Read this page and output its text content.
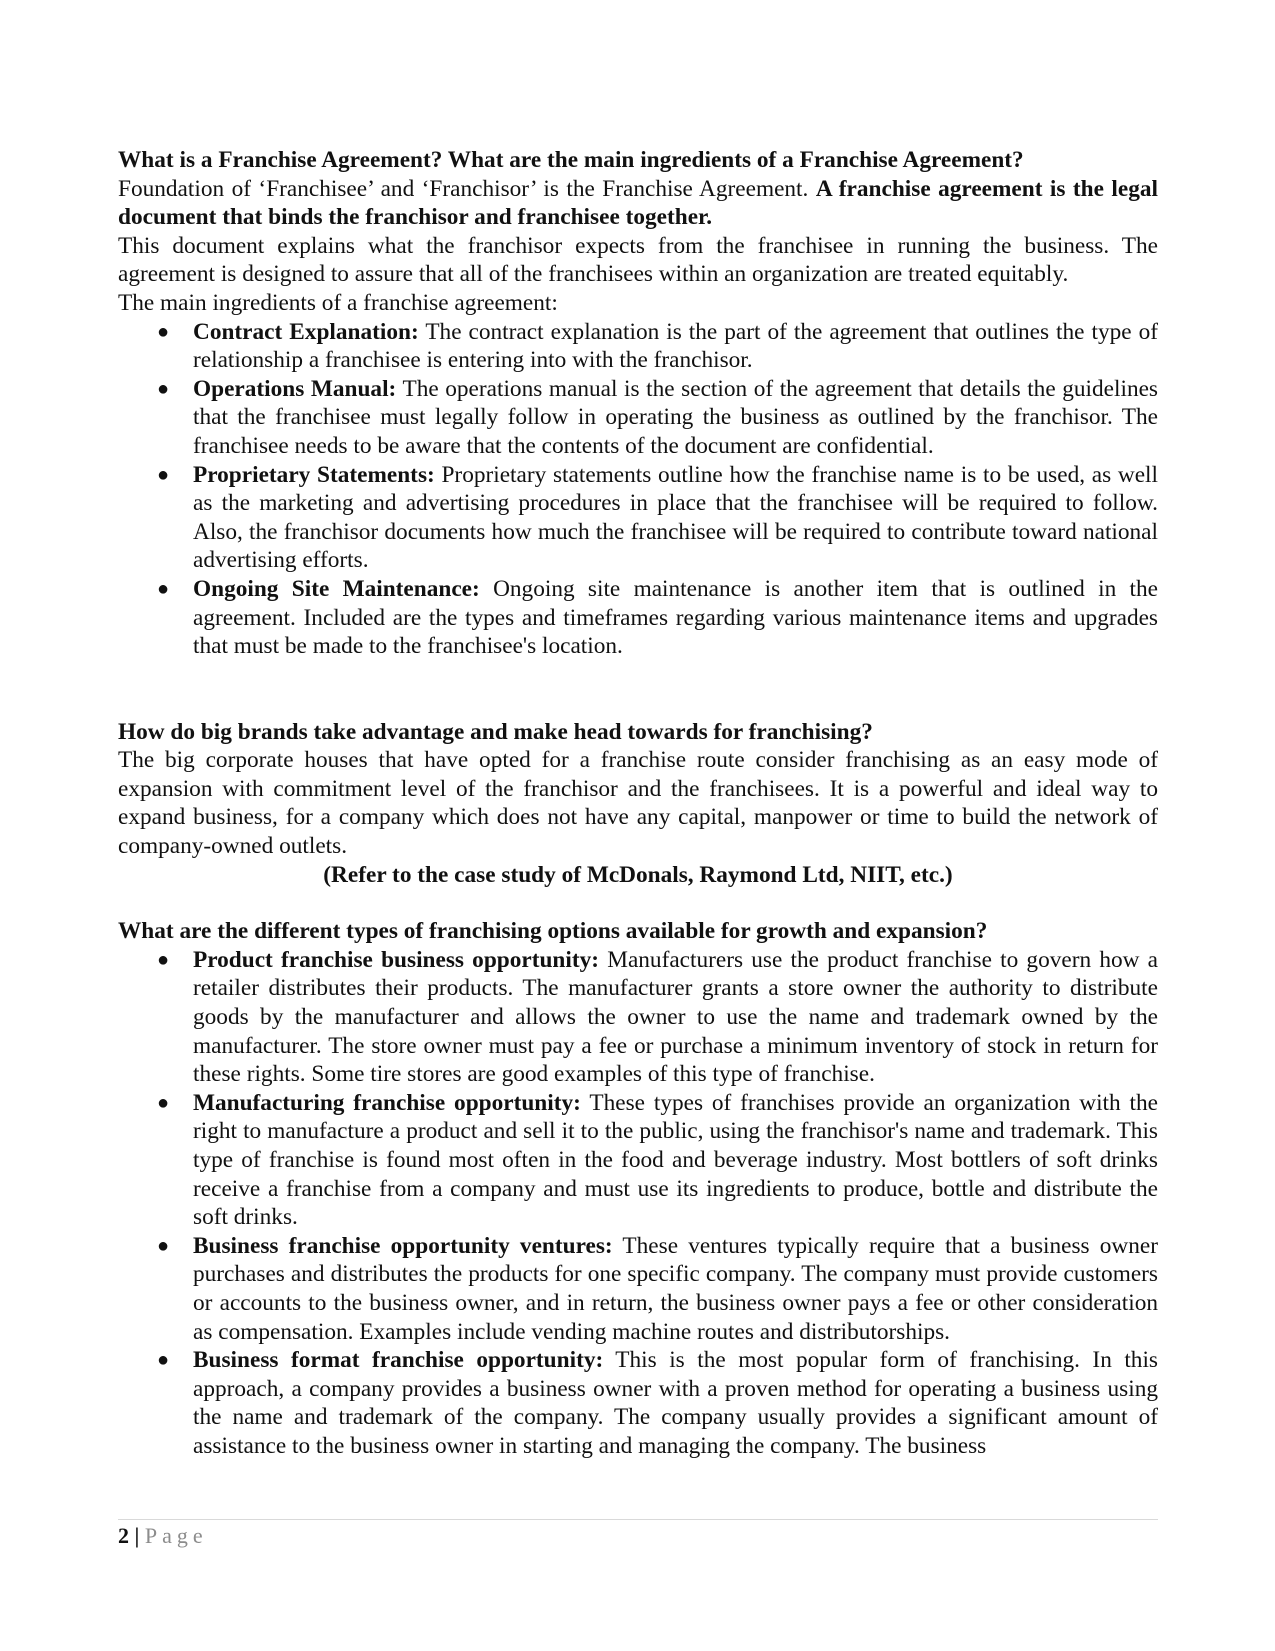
What is a Franchise Agreement? What are the main ingredients of a Franchise Agreement?

Foundation of ‘Franchisee’ and ‘Franchisor’ is the Franchise Agreement. A franchise agreement is the legal document that binds the franchisor and franchisee together.

This document explains what the franchisor expects from the franchisee in running the business. The agreement is designed to assure that all of the franchisees within an organization are treated equitably.

The main ingredients of a franchise agreement:

● Contract Explanation: The contract explanation is the part of the agreement that outlines the type of relationship a franchisee is entering into with the franchisor.
● Operations Manual: The operations manual is the section of the agreement that details the guidelines that the franchisee must legally follow in operating the business as outlined by the franchisor. The franchisee needs to be aware that the contents of the document are confidential.
● Proprietary Statements: Proprietary statements outline how the franchise name is to be used, as well as the marketing and advertising procedures in place that the franchisee will be required to follow. Also, the franchisor documents how much the franchisee will be required to contribute toward national advertising efforts.
● Ongoing Site Maintenance: Ongoing site maintenance is another item that is outlined in the agreement. Included are the types and timeframes regarding various maintenance items and upgrades that must be made to the franchisee's location.

How do big brands take advantage and make head towards for franchising?

The big corporate houses that have opted for a franchise route consider franchising as an easy mode of expansion with commitment level of the franchisor and the franchisees. It is a powerful and ideal way to expand business, for a company which does not have any capital, manpower or time to build the network of company-owned outlets.

(Refer to the case study of McDonals, Raymond Ltd, NIIT, etc.)

What are the different types of franchising options available for growth and expansion?

● Product franchise business opportunity: Manufacturers use the product franchise to govern how a retailer distributes their products. The manufacturer grants a store owner the authority to distribute goods by the manufacturer and allows the owner to use the name and trademark owned by the manufacturer. The store owner must pay a fee or purchase a minimum inventory of stock in return for these rights. Some tire stores are good examples of this type of franchise.
● Manufacturing franchise opportunity: These types of franchises provide an organization with the right to manufacture a product and sell it to the public, using the franchisor's name and trademark. This type of franchise is found most often in the food and beverage industry. Most bottlers of soft drinks receive a franchise from a company and must use its ingredients to produce, bottle and distribute the soft drinks.
● Business franchise opportunity ventures: These ventures typically require that a business owner purchases and distributes the products for one specific company. The company must provide customers or accounts to the business owner, and in return, the business owner pays a fee or other consideration as compensation. Examples include vending machine routes and distributorships.
● Business format franchise opportunity: This is the most popular form of franchising. In this approach, a company provides a business owner with a proven method for operating a business using the name and trademark of the company. The company usually provides a significant amount of assistance to the business owner in starting and managing the company. The business
2 | Page
